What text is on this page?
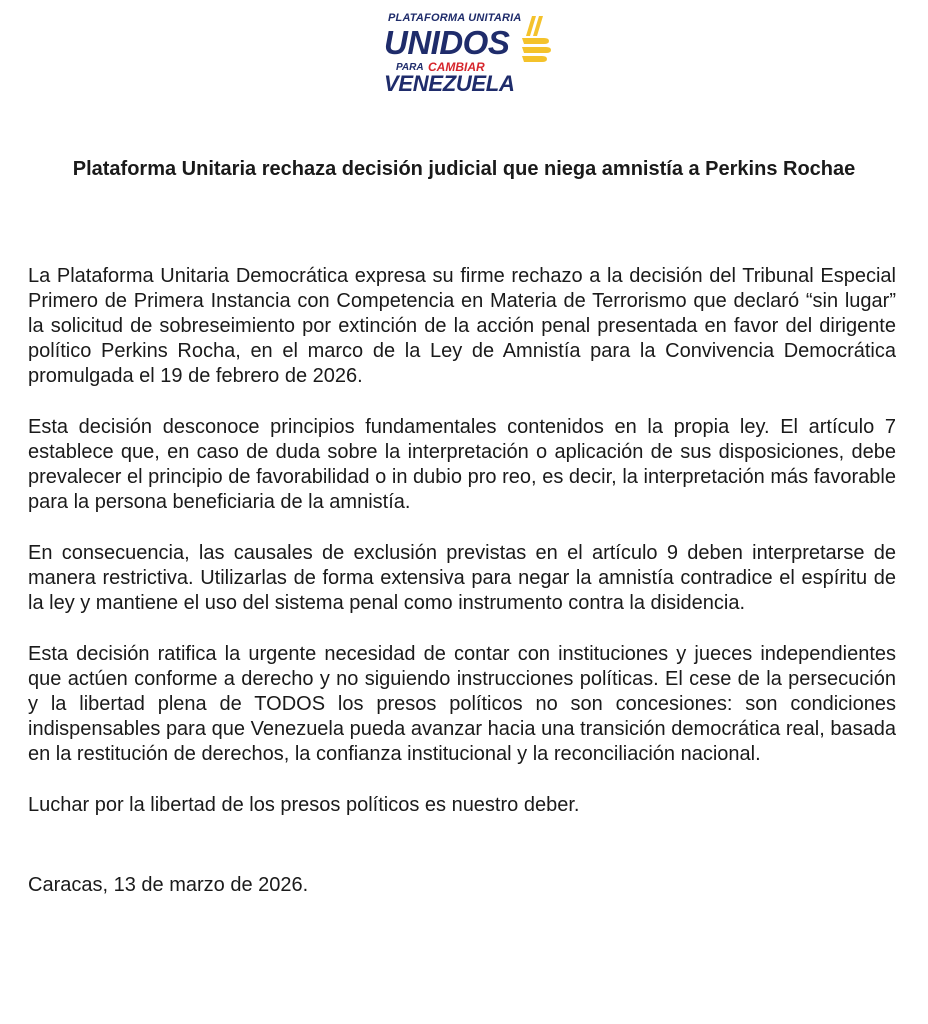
PLATAFORMA UNITARIA
UNIDOS
PARA CAMBIAR
VENEZUELA
Plataforma Unitaria rechaza decisión judicial que niega amnistía a Perkins Rochae

La Plataforma Unitaria Democrática expresa su firme rechazo a la decisión del Tribunal Especial Primero de Primera Instancia con Competencia en Materia de Terrorismo que declaró “sin lugar” la solicitud de sobreseimiento por extinción de la acción penal presentada en favor del dirigente político Perkins Rocha, en el marco de la Ley de Amnistía para la Convivencia Democrática promulgada el 19 de febrero de 2026.

Esta decisión desconoce principios fundamentales contenidos en la propia ley. El artículo 7 establece que, en caso de duda sobre la interpretación o aplicación de sus disposiciones, debe prevalecer el principio de favorabilidad o in dubio pro reo, es decir, la interpretación más favorable para la persona beneficiaria de la amnistía.

En consecuencia, las causales de exclusión previstas en el artículo 9 deben interpretarse de manera restrictiva. Utilizarlas de forma extensiva para negar la amnistía contradice el espíritu de la ley y mantiene el uso del sistema penal como instrumento contra la disidencia.

Esta decisión ratifica la urgente necesidad de contar con instituciones y jueces independientes que actúen conforme a derecho y no siguiendo instrucciones políticas. El cese de la persecución y la libertad plena de TODOS los presos políticos no son concesiones: son condiciones indispensables para que Venezuela pueda avanzar hacia una transición democrática real, basada en la restitución de derechos, la confianza institucional y la reconciliación nacional.

Luchar por la libertad de los presos políticos es nuestro deber.

Caracas, 13 de marzo de 2026.
